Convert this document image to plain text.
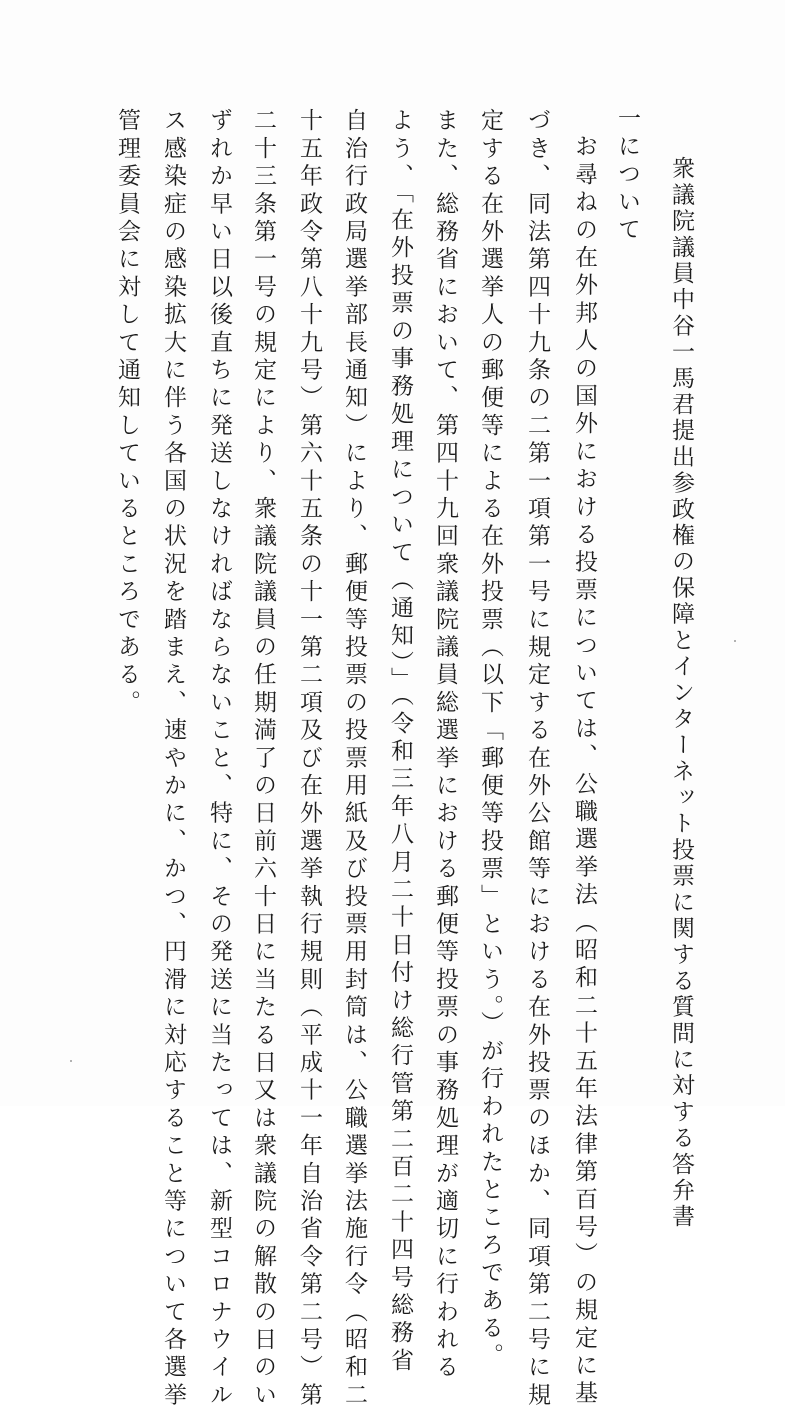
衆議院議員中谷一馬君提出参政権の保障とインターネット投票に関する質問に対する答弁書
一について
お尋ねの在外邦人の国外における投票については、公職選挙法（昭和二十五年法律第百号）の規定に基
づき、同法第四十九条の二第一項第一号に規定する在外公館等における在外投票のほか、同項第二号に規
定する在外選挙人の郵便等による在外投票（以下「郵便等投票」という。）が行われたところである。
また、総務省において、第四十九回衆議院議員総選挙における郵便等投票の事務処理が適切に行われる
よう、「在外投票の事務処理について（通知）」（令和三年八月二十日付け総行管第二百二十四号総務省
自治行政局選挙部長通知）により、郵便等投票の投票用紙及び投票用封筒は、公職選挙法施行令（昭和二
十五年政令第八十九号）第六十五条の十一第二項及び在外選挙執行規則（平成十一年自治省令第二号）第
二十三条第一号の規定により、衆議院議員の任期満了の日前六十日に当たる日又は衆議院の解散の日のい
ずれか早い日以後直ちに発送しなければならないこと、特に、その発送に当たっては、新型コロナウイル
ス感染症の感染拡大に伴う各国の状況を踏まえ、速やかに、かつ、円滑に対応すること等について各選挙
管理委員会に対して通知しているところである。
